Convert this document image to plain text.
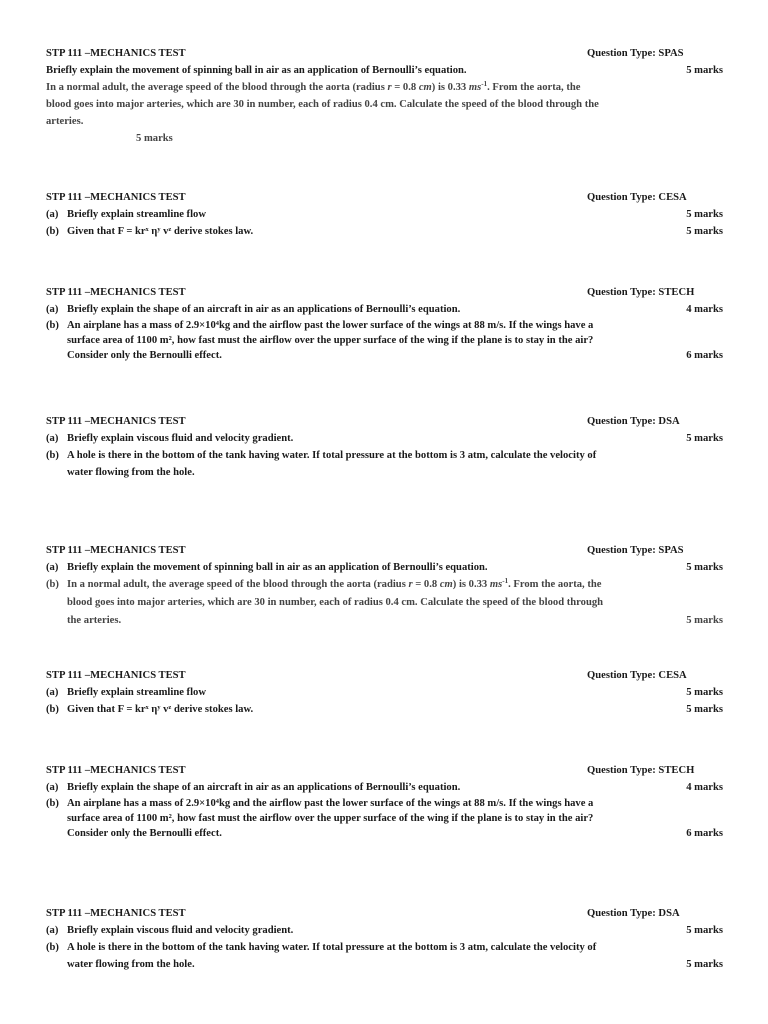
STP 111 –MECHANICS TEST	Question Type: SPAS
Briefly explain the movement of spinning ball in air as an application of Bernoulli’s equation.	5 marks
In a normal adult, the average speed of the blood through the aorta (radius r = 0.8 cm) is 0.33 $ms^{-1}$. From the aorta, the
blood goes into major arteries, which are 30 in number, each of radius 0.4 cm. Calculate the speed of the blood through the
arteries.
5 marks
STP 111 –MECHANICS TEST	Question Type: CESA
(a) Briefly explain streamline flow	5 marks
(b) Given that F = krˣ ηʸ vᶻ derive stokes law.	5 marks
STP 111 –MECHANICS TEST	Question Type: STECH
(a) Briefly explain the shape of an aircraft in air as an applications of Bernoulli’s equation.	4 marks
(b) An airplane has a mass of 2.9×10⁴kg and the airflow past the lower surface of the wings at 88 m/s. If the wings have a
surface area of 1100 m², how fast must the airflow over the upper surface of the wing if the plane is to stay in the air?
Consider only the Bernoulli effect.	6 marks
STP 111 –MECHANICS TEST	Question Type: DSA
(a) Briefly explain viscous fluid and velocity gradient.	5 marks
(b) A hole is there in the bottom of the tank having water. If total pressure at the bottom is 3 atm, calculate the velocity of
water flowing from the hole.
STP 111 –MECHANICS TEST	Question Type: SPAS
(a) Briefly explain the movement of spinning ball in air as an application of Bernoulli’s equation.	5 marks
(b) In a normal adult, the average speed of the blood through the aorta (radius r = 0.8 cm) is 0.33 $ms^{-1}$. From the aorta, the
blood goes into major arteries, which are 30 in number, each of radius 0.4 cm. Calculate the speed of the blood through
the arteries.	5 marks
STP 111 –MECHANICS TEST	Question Type: CESA
(a) Briefly explain streamline flow	5 marks
(b) Given that F = krˣ ηʸ vᶻ derive stokes law.	5 marks
STP 111 –MECHANICS TEST	Question Type: STECH
(a) Briefly explain the shape of an aircraft in air as an applications of Bernoulli’s equation.	4 marks
(b) An airplane has a mass of 2.9×10⁴kg and the airflow past the lower surface of the wings at 88 m/s. If the wings have a
surface area of 1100 m², how fast must the airflow over the upper surface of the wing if the plane is to stay in the air?
Consider only the Bernoulli effect.	6 marks
STP 111 –MECHANICS TEST	Question Type: DSA
(a) Briefly explain viscous fluid and velocity gradient.	5 marks
(b) A hole is there in the bottom of the tank having water. If total pressure at the bottom is 3 atm, calculate the velocity of
water flowing from the hole.	5 marks
